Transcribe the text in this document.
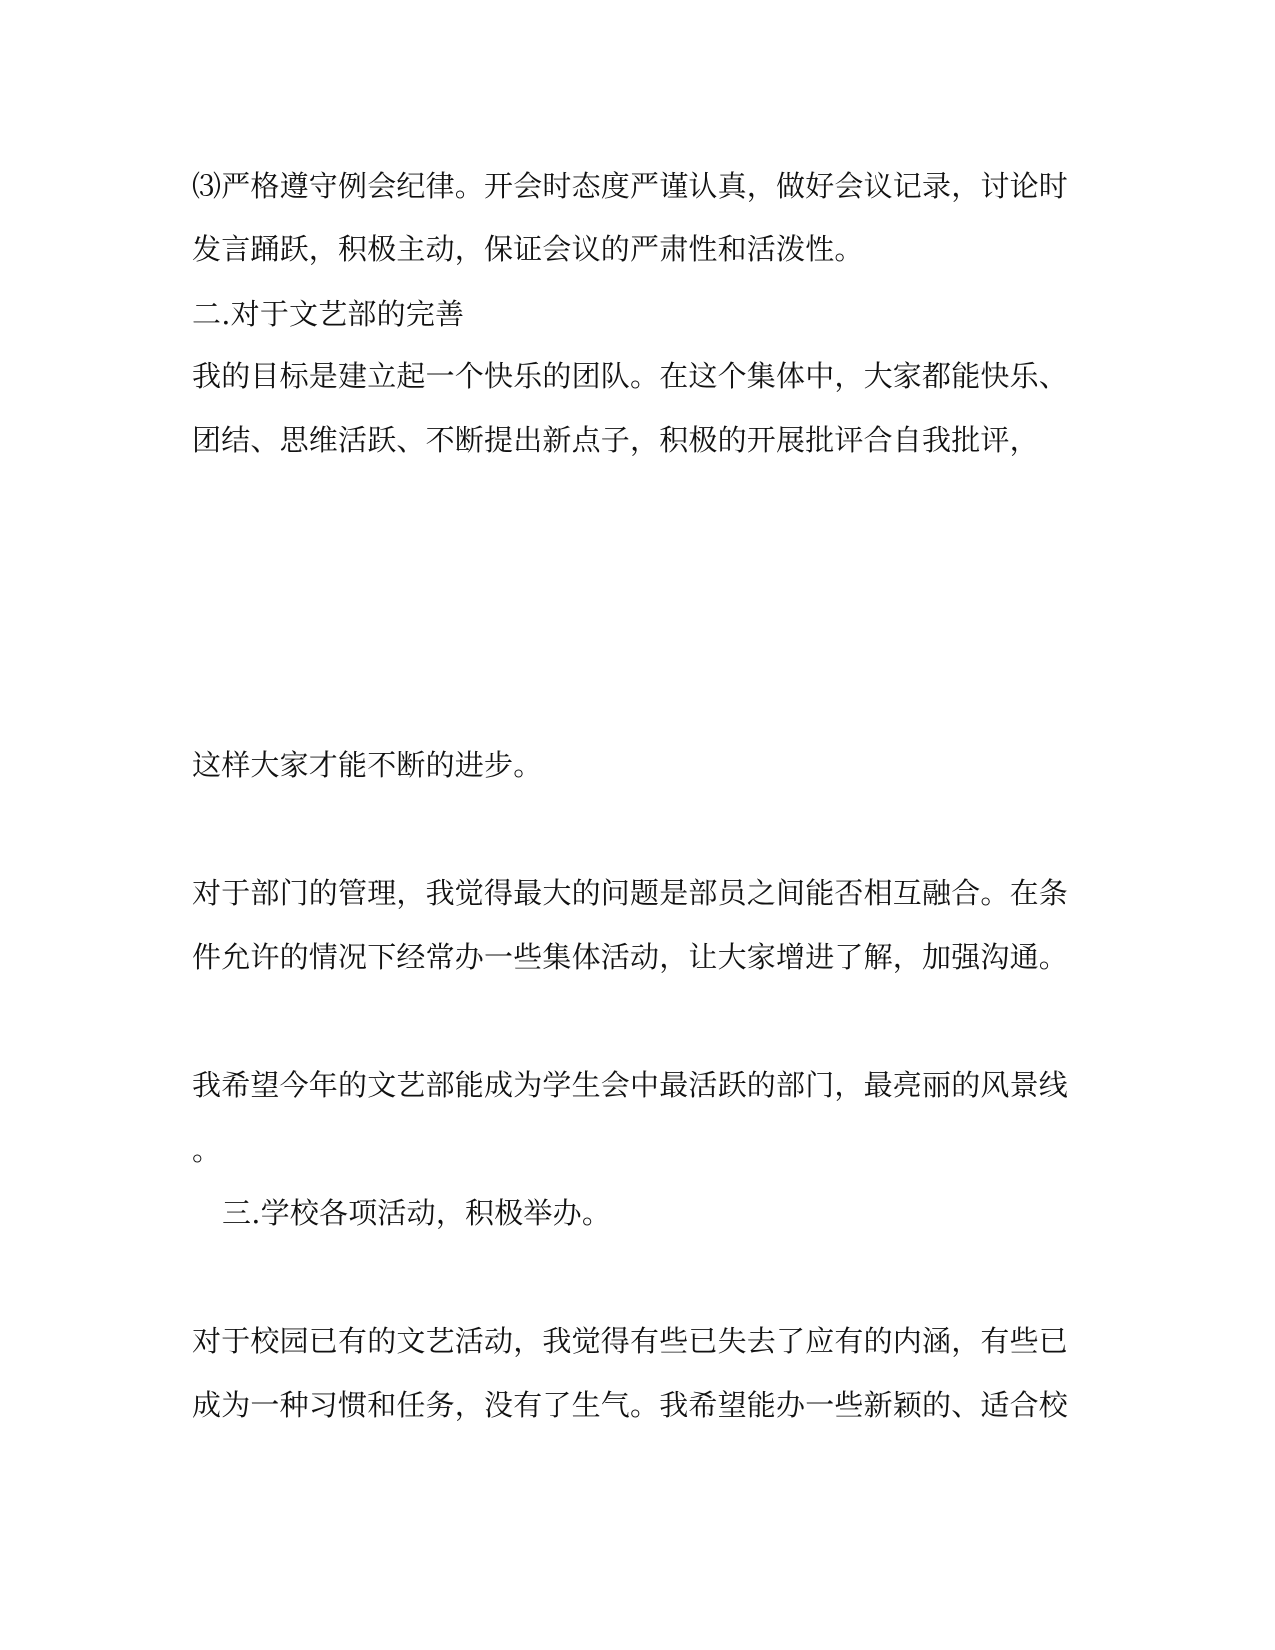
⑶严格遵守例会纪律。开会时态度严谨认真，做好会议记录，讨论时
发言踊跃，积极主动，保证会议的严肃性和活泼性。
二.对于文艺部的完善
我的目标是建立起一个快乐的团队。在这个集体中，大家都能快乐、
团结、思维活跃、不断提出新点子，积极的开展批评合自我批评，
这样大家才能不断的进步。
对于部门的管理，我觉得最大的问题是部员之间能否相互融合。在条
件允许的情况下经常办一些集体活动，让大家增进了解，加强沟通。
我希望今年的文艺部能成为学生会中最活跃的部门，最亮丽的风景线
。
三.学校各项活动，积极举办。
对于校园已有的文艺活动，我觉得有些已失去了应有的内涵，有些已
成为一种习惯和任务，没有了生气。我希望能办一些新颖的、适合校
